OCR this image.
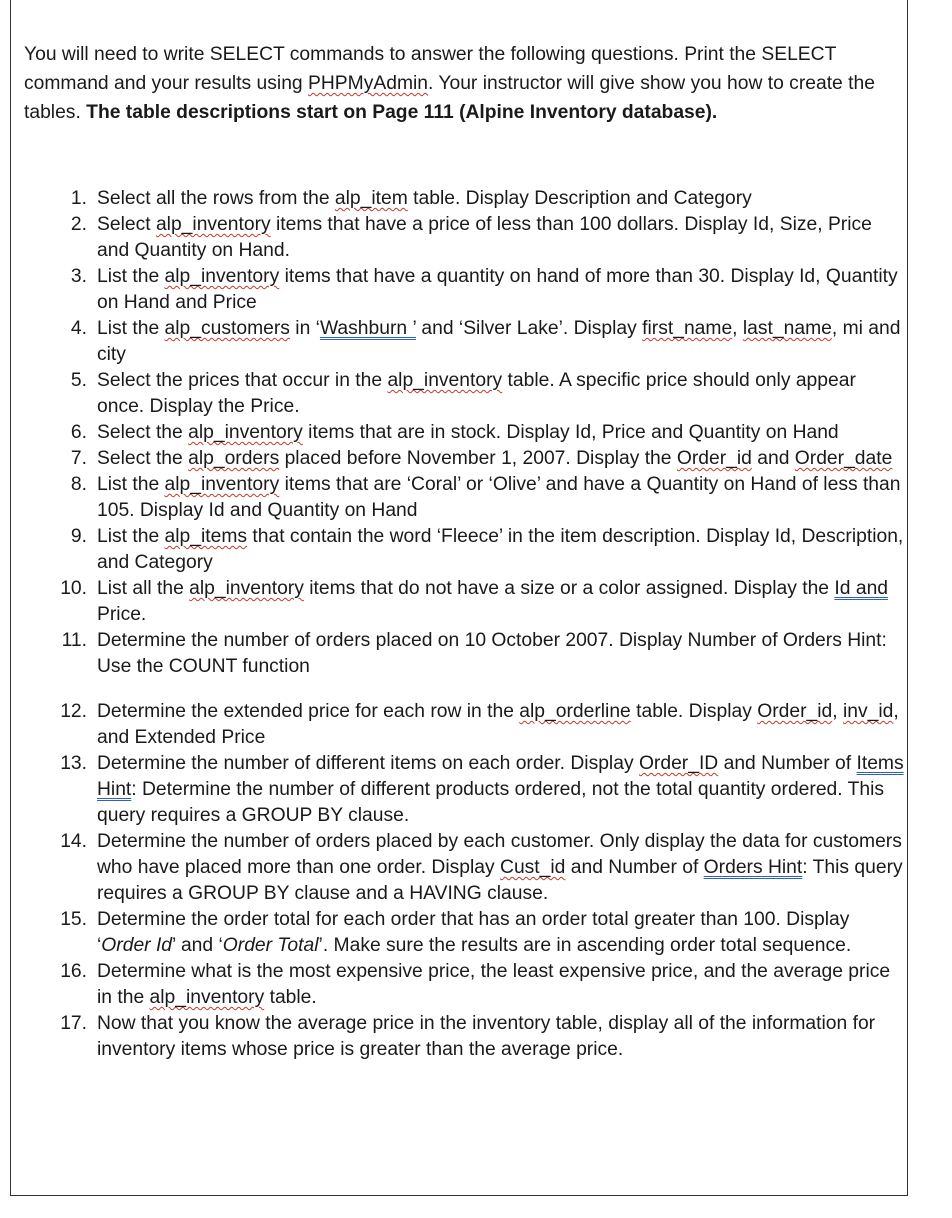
You will need to write SELECT commands to answer the following questions. Print the SELECT command and your results using PHPMyAdmin. Your instructor will give show you how to create the tables. The table descriptions start on Page 111 (Alpine Inventory database).

1. Select all the rows from the alp_item table. Display Description and Category
2. Select alp_inventory items that have a price of less than 100 dollars. Display Id, Size, Price and Quantity on Hand.
3. List the alp_inventory items that have a quantity on hand of more than 30. Display Id, Quantity on Hand and Price
4. List the alp_customers in ‘Washburn ’ and ‘Silver Lake’. Display first_name, last_name, mi and city
5. Select the prices that occur in the alp_inventory table. A specific price should only appear once. Display the Price.
6. Select the alp_inventory items that are in stock. Display Id, Price and Quantity on Hand
7. Select the alp_orders placed before November 1, 2007. Display the Order_id and Order_date
8. List the alp_inventory items that are ‘Coral’ or ‘Olive’ and have a Quantity on Hand of less than 105. Display Id and Quantity on Hand
9. List the alp_items that contain the word ‘Fleece’ in the item description. Display Id, Description, and Category
10. List all the alp_inventory items that do not have a size or a color assigned. Display the Id and Price.
11. Determine the number of orders placed on 10 October 2007. Display Number of Orders Hint: Use the COUNT function
12. Determine the extended price for each row in the alp_orderline table. Display Order_id, inv_id, and Extended Price
13. Determine the number of different items on each order. Display Order_ID and Number of Items Hint: Determine the number of different products ordered, not the total quantity ordered. This query requires a GROUP BY clause.
14. Determine the number of orders placed by each customer. Only display the data for customers who have placed more than one order. Display Cust_id and Number of Orders Hint: This query requires a GROUP BY clause and a HAVING clause.
15. Determine the order total for each order that has an order total greater than 100. Display ‘Order Id’ and ‘Order Total’. Make sure the results are in ascending order total sequence.
16. Determine what is the most expensive price, the least expensive price, and the average price in the alp_inventory table.
17. Now that you know the average price in the inventory table, display all of the information for inventory items whose price is greater than the average price.
